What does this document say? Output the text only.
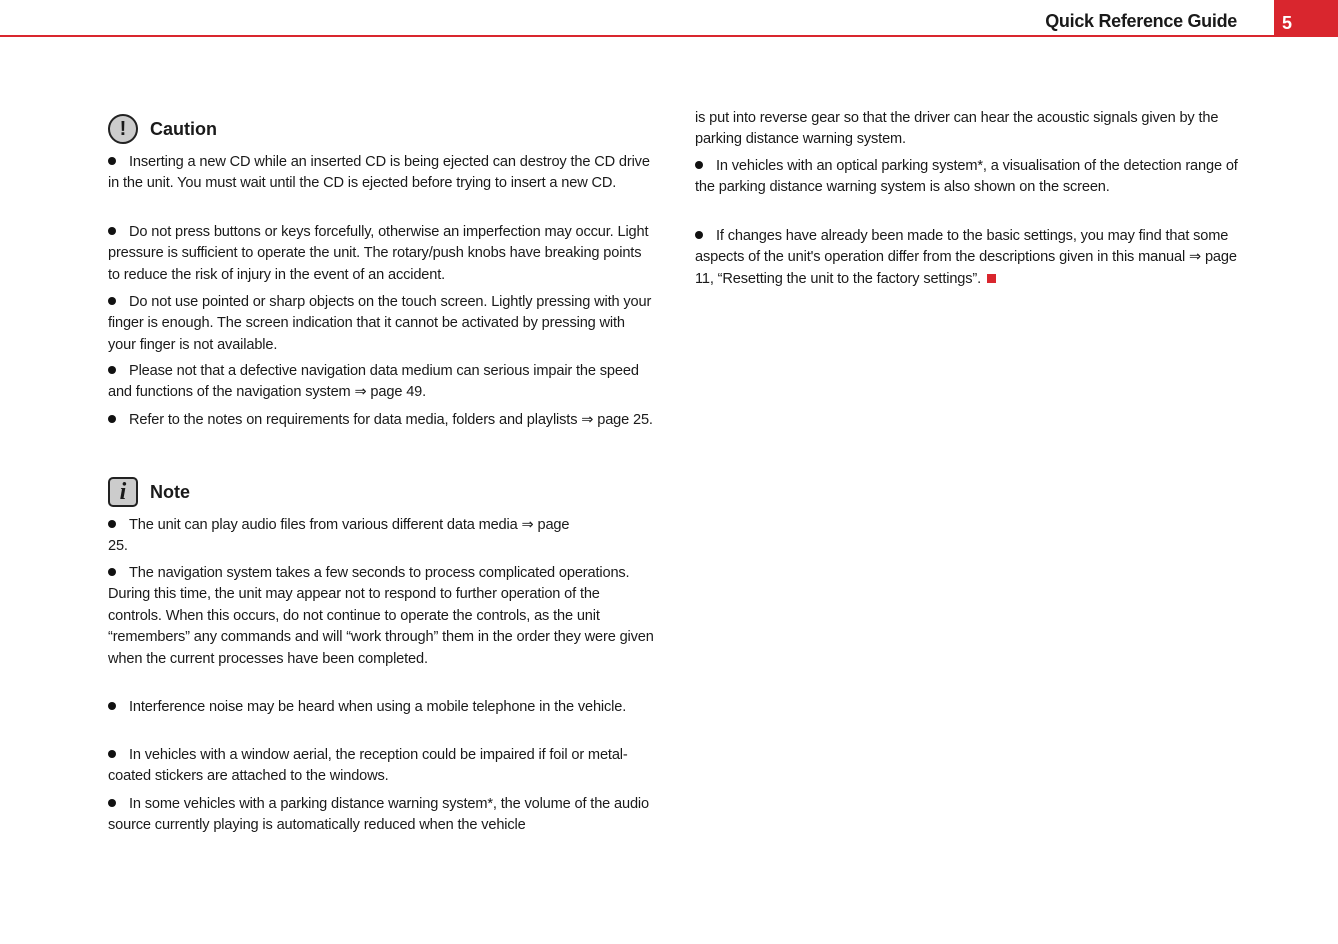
Quick Reference Guide	5
!	Caution
Inserting a new CD while an inserted CD is being ejected can destroy the CD drive in the unit. You must wait until the CD is ejected before trying to insert a new CD.
Do not press buttons or keys forcefully, otherwise an imperfection may occur. Light pressure is sufficient to operate the unit. The rotary/push knobs have breaking points to reduce the risk of injury in the event of an accident.
Do not use pointed or sharp objects on the touch screen. Lightly pressing with your finger is enough. The screen indication that it cannot be activated by pressing with your finger is not available.
Please not that a defective navigation data medium can serious impair the speed and functions of the navigation system ⇒ page 49.
Refer to the notes on requirements for data media, folders and playlists ⇒ page 25.
i	Note
The unit can play audio files from various different data media ⇒ page 25.
The navigation system takes a few seconds to process complicated operations. During this time, the unit may appear not to respond to further operation of the controls. When this occurs, do not continue to operate the controls, as the unit “remembers” any commands and will “work through” them in the order they were given when the current processes have been completed.
Interference noise may be heard when using a mobile telephone in the vehicle.
In vehicles with a window aerial, the reception could be impaired if foil or metal-coated stickers are attached to the windows.
In some vehicles with a parking distance warning system*, the volume of the audio source currently playing is automatically reduced when the vehicle
is put into reverse gear so that the driver can hear the acoustic signals given by the parking distance warning system.
In vehicles with an optical parking system*, a visualisation of the detection range of the parking distance warning system is also shown on the screen.
If changes have already been made to the basic settings, you may find that some aspects of the unit's operation differ from the descriptions given in this manual ⇒ page 11, “Resetting the unit to the factory settings”.
